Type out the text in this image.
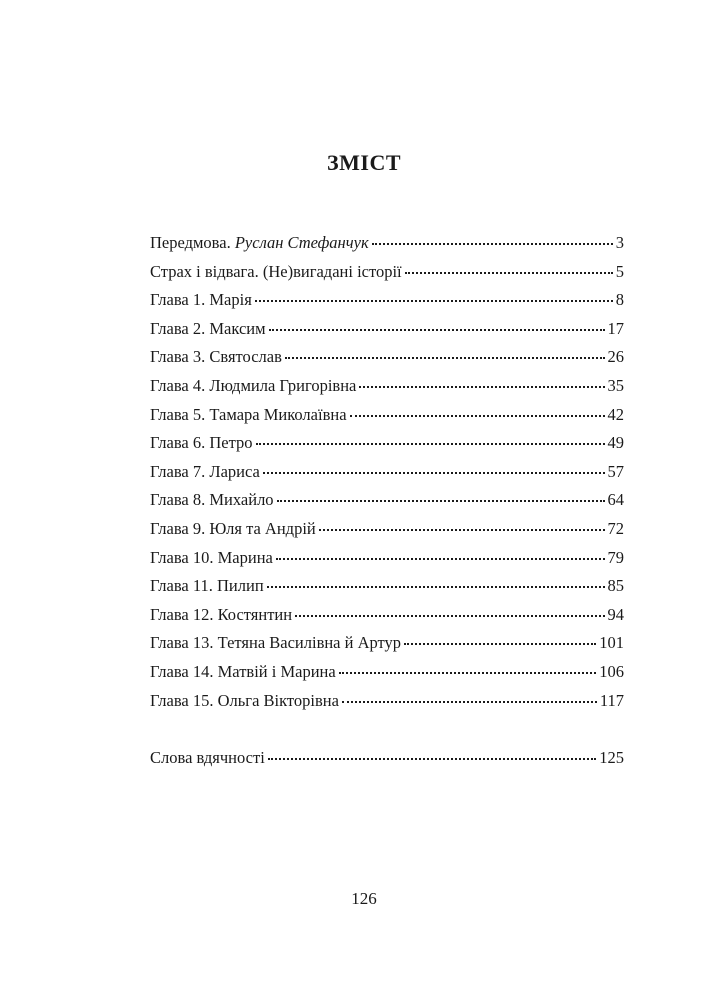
ЗМІСТ
Передмова. Руслан Стефанчук	3
Страх і відвага. (Не)вигадані історії	5
Глава 1. Марія	8
Глава 2. Максим	17
Глава 3. Святослав	26
Глава 4. Людмила Григорівна	35
Глава 5. Тамара Миколаївна	42
Глава 6. Петро	49
Глава 7. Лариса	57
Глава 8. Михайло	64
Глава 9. Юля та Андрій	72
Глава 10. Марина	79
Глава 11. Пилип	85
Глава 12. Костянтин	94
Глава 13. Тетяна Василівна й Артур	101
Глава 14. Матвій і Марина	106
Глава 15. Ольга Вікторівна	117
Слова вдячності	125
126
